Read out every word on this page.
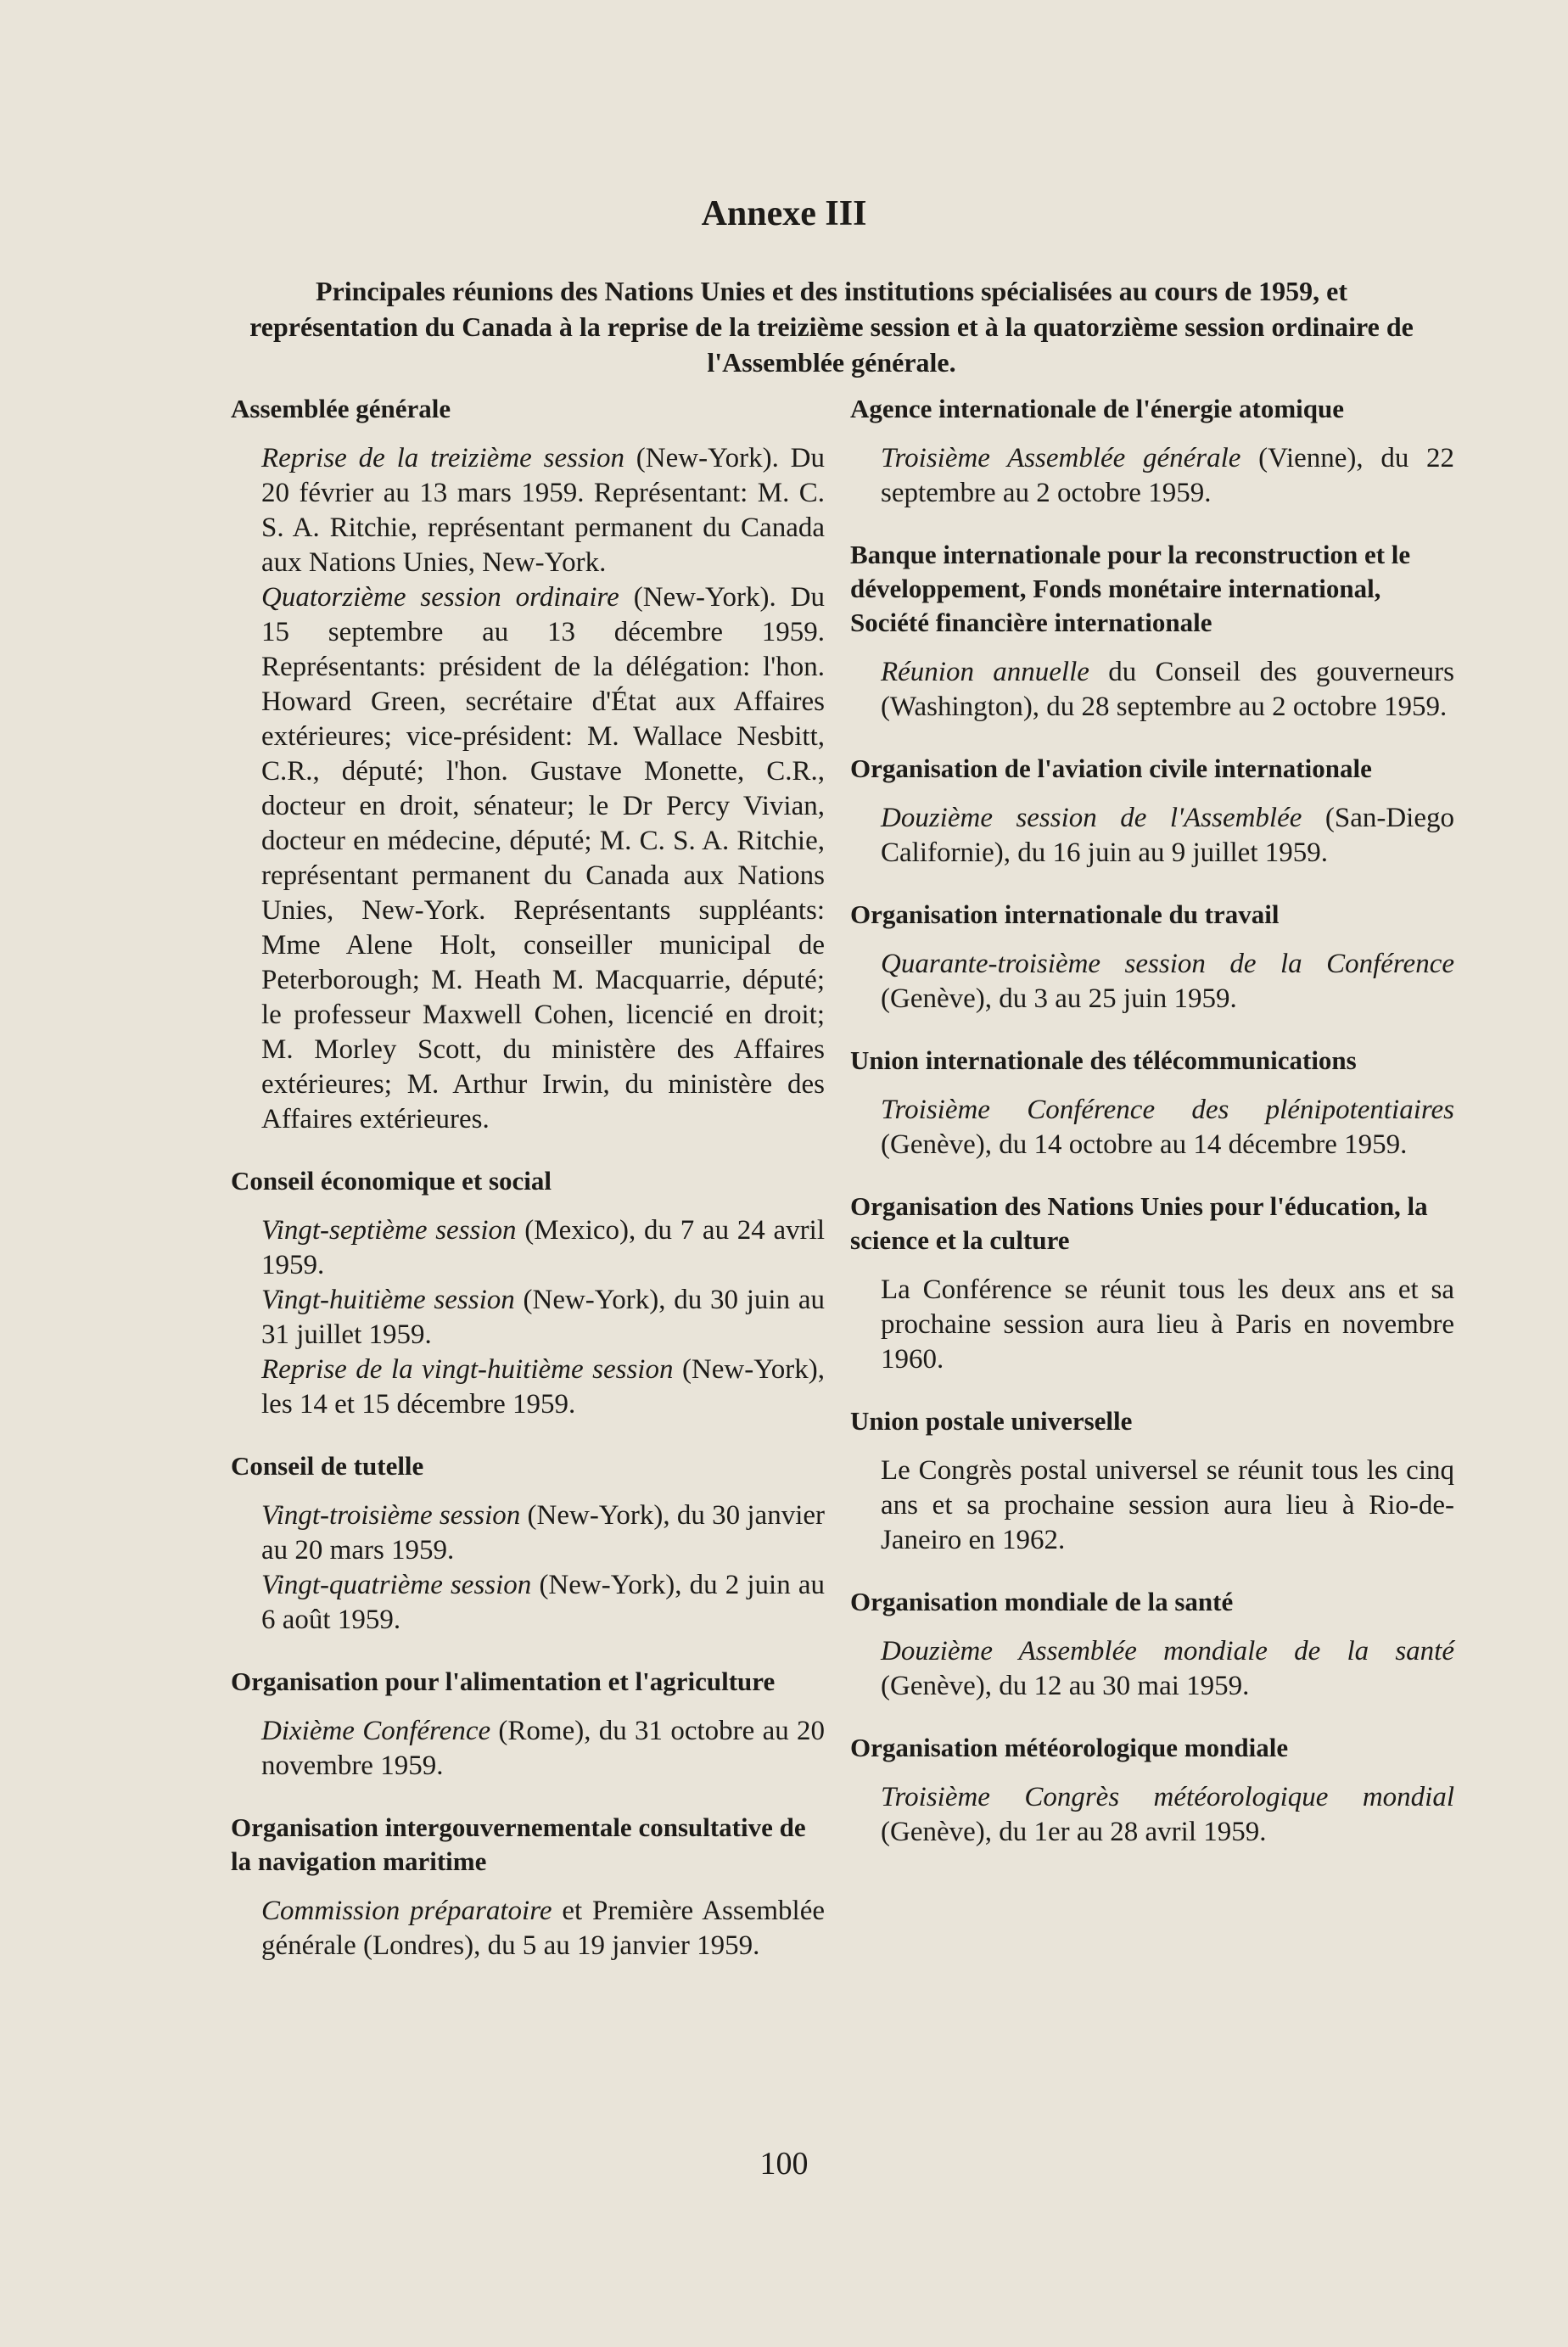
Annexe III
Principales réunions des Nations Unies et des institutions spécialisées au cours de 1959, et représentation du Canada à la reprise de la treizième session et à la quatorzième session ordinaire de l'Assemblée générale.
Assemblée générale
Reprise de la treizième session (New-York). Du 20 février au 13 mars 1959. Représentant: M. C. S. A. Ritchie, représentant permanent du Canada aux Nations Unies, New-York.
Quatorzième session ordinaire (New-York). Du 15 septembre au 13 décembre 1959. Représentants: président de la délégation: l'hon. Howard Green, secrétaire d'État aux Affaires extérieures; vice-président: M. Wallace Nesbitt, C.R., député; l'hon. Gustave Monette, C.R., docteur en droit, sénateur; le Dr Percy Vivian, docteur en médecine, député; M. C. S. A. Ritchie, représentant permanent du Canada aux Nations Unies, New-York. Représentants suppléants: Mme Alene Holt, conseiller municipal de Peterborough; M. Heath M. Macquarrie, député; le professeur Maxwell Cohen, licencié en droit; M. Morley Scott, du ministère des Affaires extérieures; M. Arthur Irwin, du ministère des Affaires extérieures.
Conseil économique et social
Vingt-septième session (Mexico), du 7 au 24 avril 1959.
Vingt-huitième session (New-York), du 30 juin au 31 juillet 1959.
Reprise de la vingt-huitième session (New-York), les 14 et 15 décembre 1959.
Conseil de tutelle
Vingt-troisième session (New-York), du 30 janvier au 20 mars 1959.
Vingt-quatrième session (New-York), du 2 juin au 6 août 1959.
Organisation pour l'alimentation et l'agriculture
Dixième Conférence (Rome), du 31 octobre au 20 novembre 1959.
Organisation intergouvernementale consultative de la navigation maritime
Commission préparatoire et Première Assemblée générale (Londres), du 5 au 19 janvier 1959.
Agence internationale de l'énergie atomique
Troisième Assemblée générale (Vienne), du 22 septembre au 2 octobre 1959.
Banque internationale pour la reconstruction et le développement, Fonds monétaire international, Société financière internationale
Réunion annuelle du Conseil des gouverneurs (Washington), du 28 septembre au 2 octobre 1959.
Organisation de l'aviation civile internationale
Douzième session de l'Assemblée (San-Diego Californie), du 16 juin au 9 juillet 1959.
Organisation internationale du travail
Quarante-troisième session de la Conférence (Genève), du 3 au 25 juin 1959.
Union internationale des télécommunications
Troisième Conférence des plénipotentiaires (Genève), du 14 octobre au 14 décembre 1959.
Organisation des Nations Unies pour l'éducation, la science et la culture
La Conférence se réunit tous les deux ans et sa prochaine session aura lieu à Paris en novembre 1960.
Union postale universelle
Le Congrès postal universel se réunit tous les cinq ans et sa prochaine session aura lieu à Rio-de-Janeiro en 1962.
Organisation mondiale de la santé
Douzième Assemblée mondiale de la santé (Genève), du 12 au 30 mai 1959.
Organisation météorologique mondiale
Troisième Congrès météorologique mondial (Genève), du 1er au 28 avril 1959.
100
